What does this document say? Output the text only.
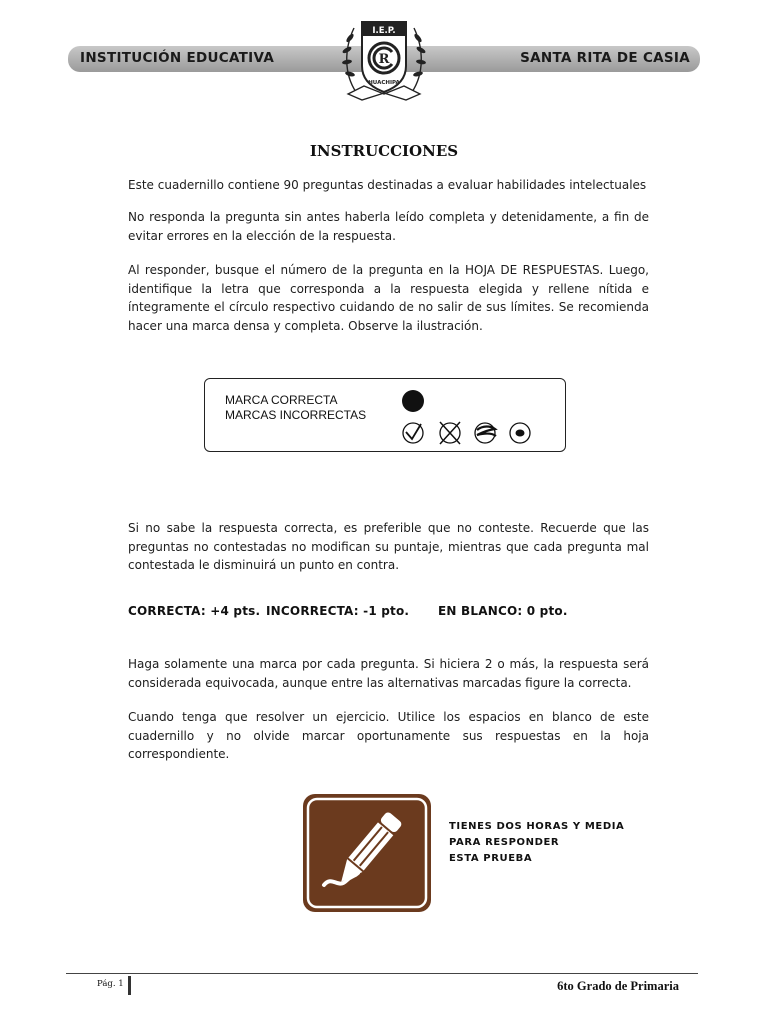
INSTITUCIÓN EDUCATIVA	SANTA RITA DE CASIA
I.E.P.
R
HUACHIPA
INSTRUCCIONES
Este cuadernillo contiene 90 preguntas destinadas a evaluar habilidades intelectuales
No responda la pregunta sin antes haberla leído completa y detenidamente, a fin de evitar errores en la elección de la respuesta.
Al responder, busque el número de la pregunta en la HOJA DE RESPUESTAS. Luego, identifique la letra que corresponda a la respuesta elegida y rellene nítida e íntegramente el círculo respectivo cuidando de no salir de sus límites. Se recomienda hacer una marca densa y completa. Observe la ilustración.
MARCA CORRECTA
MARCAS INCORRECTAS
Si no sabe la respuesta correcta, es preferible que no conteste. Recuerde que las preguntas no contestadas no modifican su puntaje, mientras que cada pregunta mal contestada le disminuirá un punto en contra.
CORRECTA: +4 pts. INCORRECTA: -1 pto. EN BLANCO: 0 pto.
Haga solamente una marca por cada pregunta. Si hiciera 2 o más, la respuesta será considerada equivocada, aunque entre las alternativas marcadas figure la correcta.
Cuando tenga que resolver un ejercicio. Utilice los espacios en blanco de este cuadernillo y no olvide marcar oportunamente sus respuestas en la hoja correspondiente.
TIENES DOS HORAS Y MEDIA
PARA RESPONDER
ESTA PRUEBA
Pág. 1	6to Grado de Primaria
